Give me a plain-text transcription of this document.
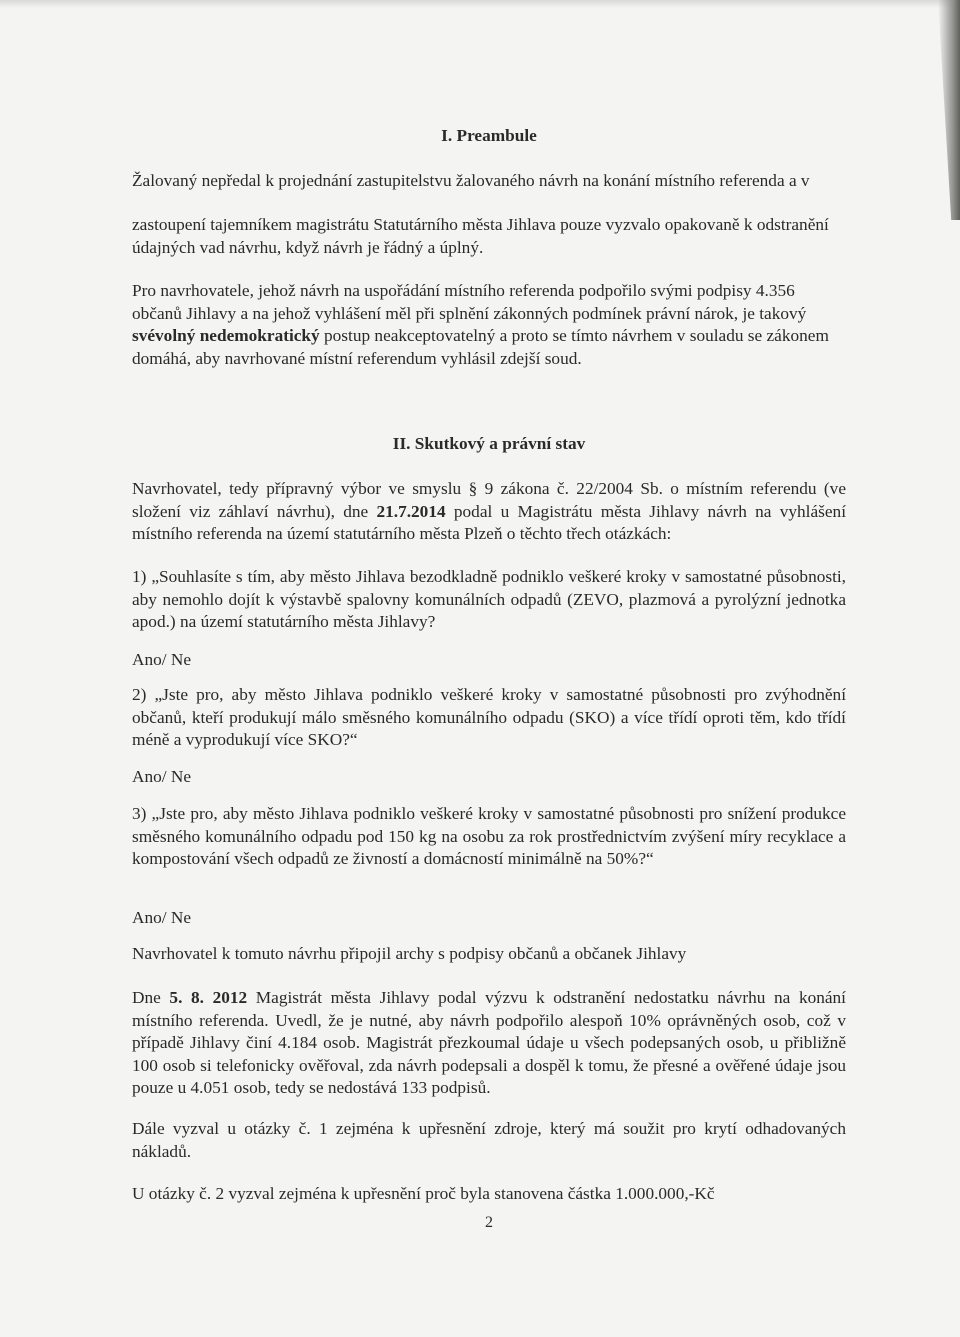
I. Preambule

Žalovaný nepředal k projednání zastupitelstvu žalovaného návrh na konání místního referenda a v

zastoupení tajemníkem magistrátu Statutárního města Jihlava pouze vyzvalo opakovaně k odstranění údajných vad návrhu, když návrh je řádný a úplný.

Pro navrhovatele, jehož návrh na uspořádání místního referenda podpořilo svými podpisy 4.356 občanů Jihlavy a na jehož vyhlášení měl při splnění zákonných podmínek právní nárok, je takový svévolný nedemokratický postup neakceptovatelný a proto se tímto návrhem v souladu se zákonem domáhá, aby navrhované místní referendum vyhlásil zdejší soud.

II. Skutkový a právní stav

Navrhovatel, tedy přípravný výbor ve smyslu § 9 zákona č. 22/2004 Sb. o místním referendu (ve složení viz záhlaví návrhu), dne 21.7.2014 podal u Magistrátu města Jihlavy návrh na vyhlášení místního referenda na území statutárního města Plzeň o těchto třech otázkách:

1) „Souhlasíte s tím, aby město Jihlava bezodkladně podniklo veškeré kroky v samostatné působnosti, aby nemohlo dojít k výstavbě spalovny komunálních odpadů (ZEVO, plazmová a pyrolýzní jednotka apod.) na území statutárního města Jihlavy?

Ano/ Ne

2) „Jste pro, aby město Jihlava podniklo veškeré kroky v samostatné působnosti pro zvýhodnění občanů, kteří produkují málo směsného komunálního odpadu (SKO) a více třídí oproti těm, kdo třídí méně a vyprodukují více SKO?“

Ano/ Ne

3) „Jste pro, aby město Jihlava podniklo veškeré kroky v samostatné působnosti pro snížení produkce směsného komunálního odpadu pod 150 kg na osobu za rok prostřednictvím zvýšení míry recyklace a kompostování všech odpadů ze živností a domácností minimálně na 50%?“

Ano/ Ne

Navrhovatel k tomuto návrhu připojil archy s podpisy občanů a občanek Jihlavy

Dne 5. 8. 2012 Magistrát města Jihlavy podal výzvu k odstranění nedostatku návrhu na konání místního referenda. Uvedl, že je nutné, aby návrh podpořilo alespoň 10% oprávněných osob, což v případě Jihlavy činí 4.184 osob. Magistrát přezkoumal údaje u všech podepsaných osob, u přibližně 100 osob si telefonicky ověřoval, zda návrh podepsali a dospěl k tomu, že přesné a ověřené údaje jsou pouze u 4.051 osob, tedy se nedostává 133 podpisů.

Dále vyzval u otázky č. 1 zejména k upřesnění zdroje, který má soužit pro krytí odhadovaných nákladů.

U otázky č. 2 vyzval zejména k upřesnění proč byla stanovena částka 1.000.000,-Kč

2
